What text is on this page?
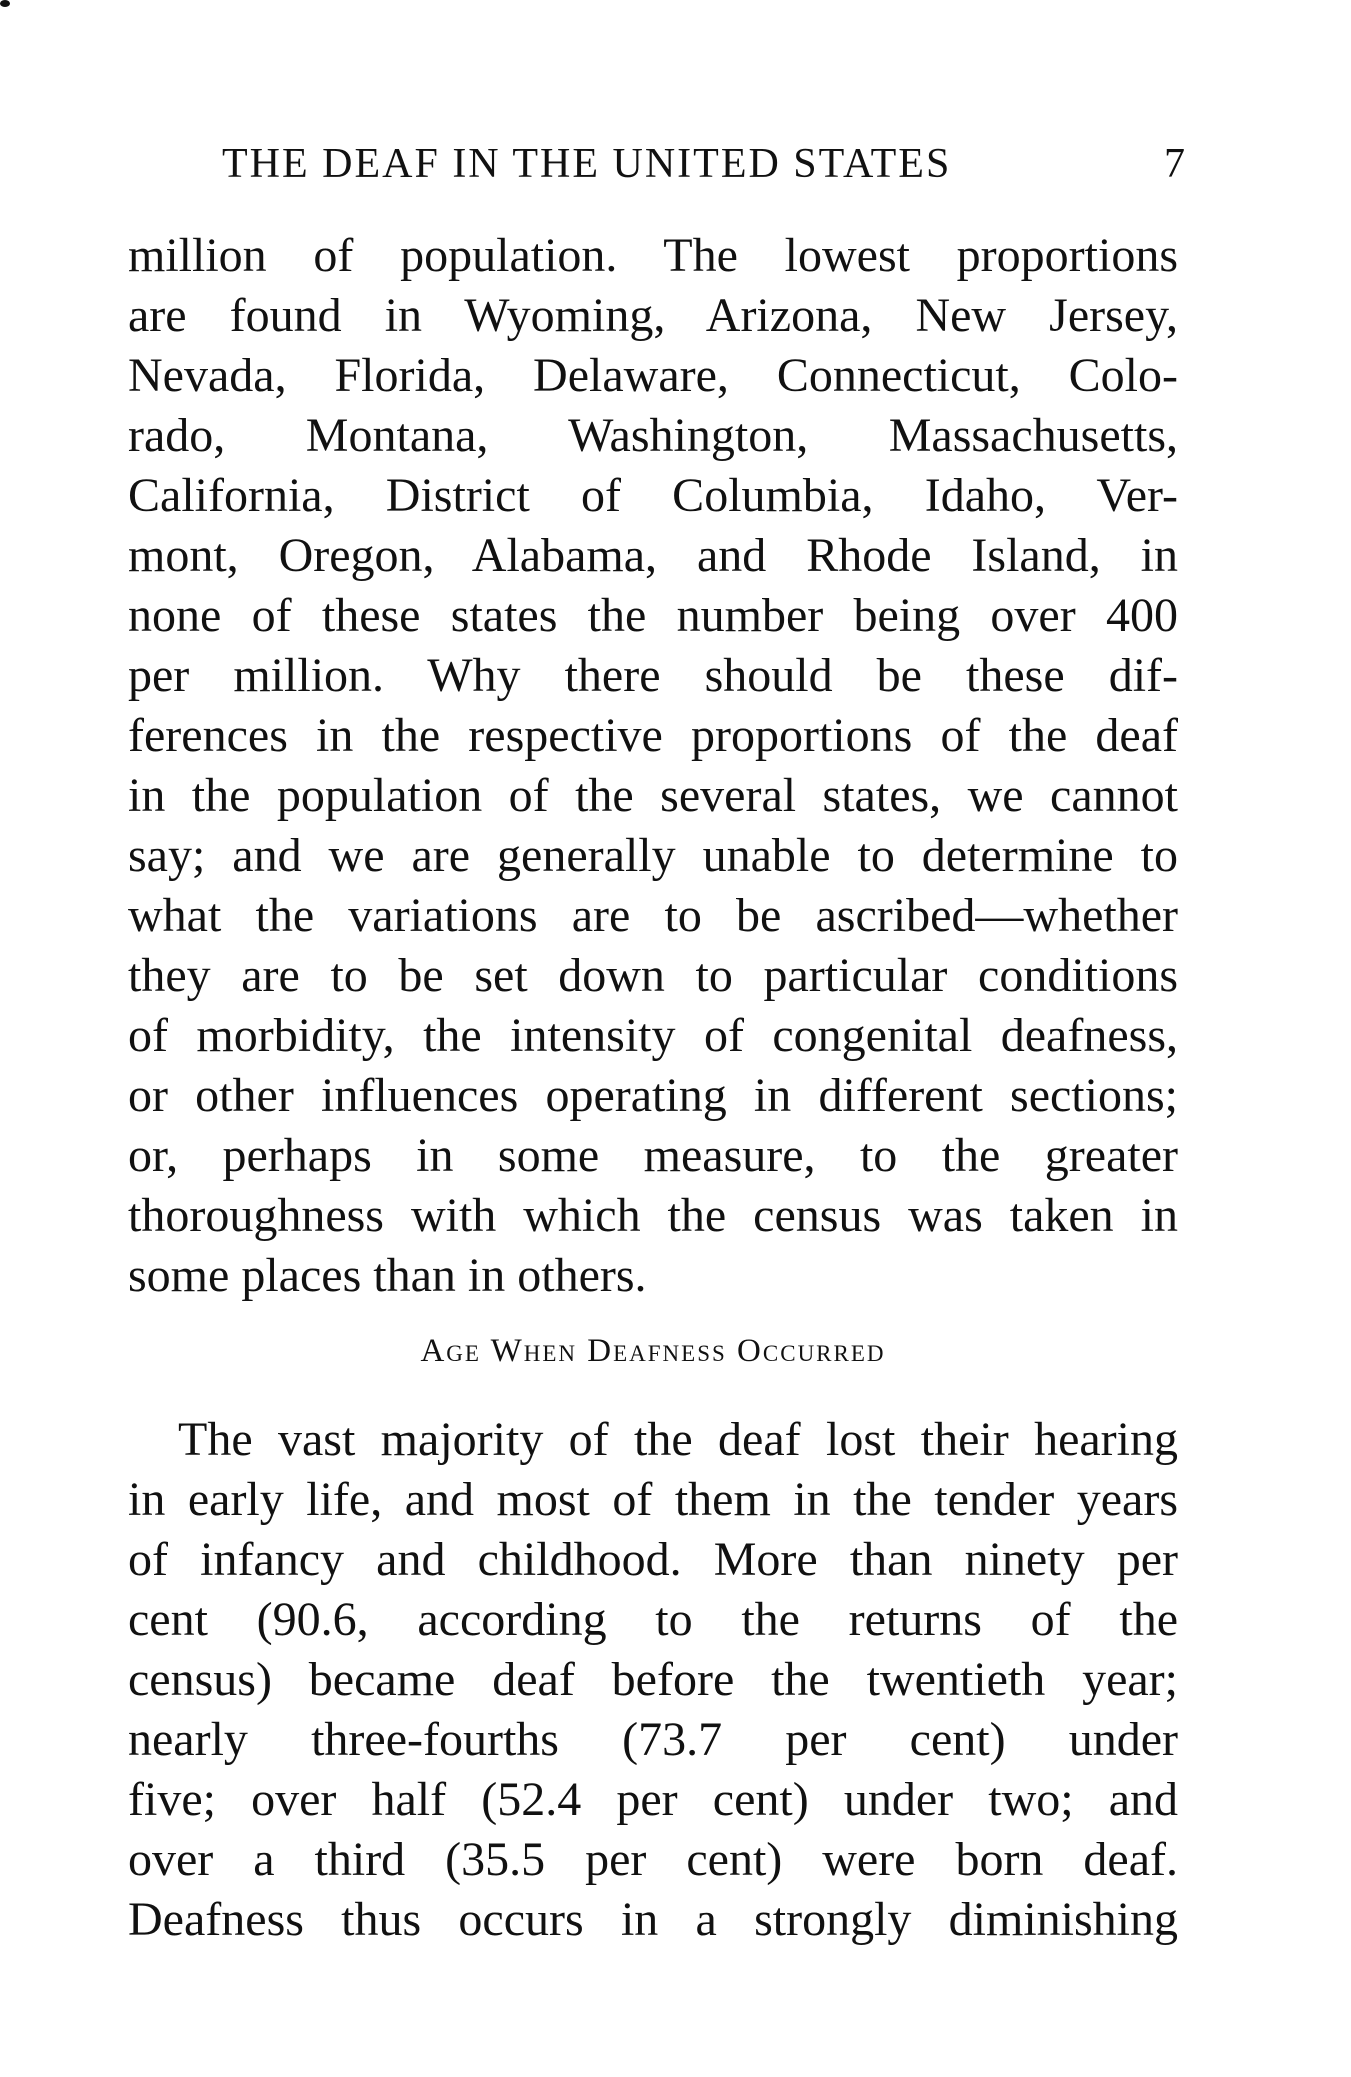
THE DEAF IN THE UNITED STATES	7
million of population. The lowest proportions
are found in Wyoming, Arizona, New Jersey,
Nevada, Florida, Delaware, Connecticut, Colo-
rado, Montana, Washington, Massachusetts,
California, District of Columbia, Idaho, Ver-
mont, Oregon, Alabama, and Rhode Island, in
none of these states the number being over 400
per million. Why there should be these dif-
ferences in the respective proportions of the deaf
in the population of the several states, we cannot
say; and we are generally unable to determine to
what the variations are to be ascribed—whether
they are to be set down to particular conditions
of morbidity, the intensity of congenital deafness,
or other influences operating in different sections;
or, perhaps in some measure, to the greater
thoroughness with which the census was taken in
some places than in others.
Age When Deafness Occurred
The vast majority of the deaf lost their hearing
in early life, and most of them in the tender years
of infancy and childhood. More than ninety per
cent (90.6, according to the returns of the
census) became deaf before the twentieth year;
nearly three-fourths (73.7 per cent) under
five; over half (52.4 per cent) under two; and
over a third (35.5 per cent) were born deaf.
Deafness thus occurs in a strongly diminishing
